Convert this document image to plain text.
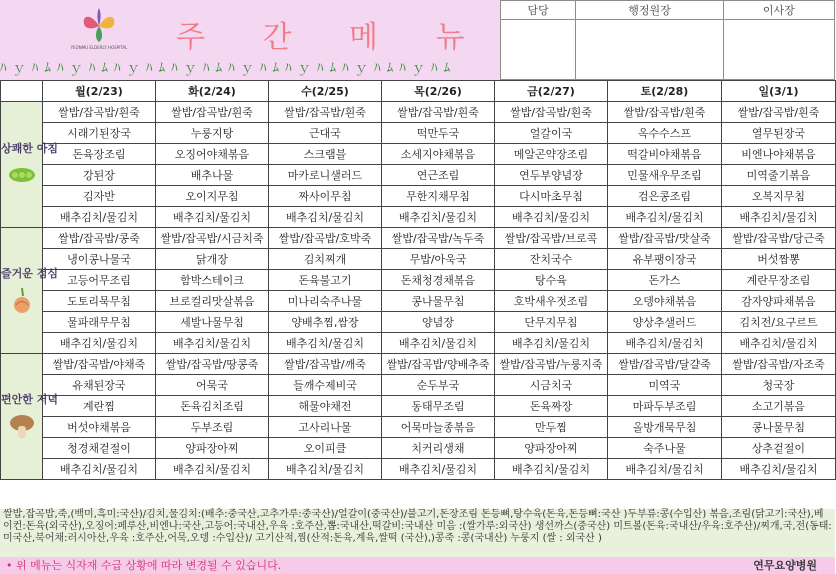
YEONMU ELDERLY HOSPITAL 주 간 메 뉴
ﾊ ｙ ﾊ ﾑ ﾊ ｙ ﾊ ﾑ ﾊ ｙ ﾊ ﾑ ﾊ ｙ ﾊ ﾑ ﾊ ｙ ﾊ ﾑ ﾊ ｙ ﾊ ﾑ ﾊ ｙ ﾊ ﾑ ﾊ ｙ ﾊ ﾑ
담당	행정원장	이사장

	월(2/23)	화(2/24)	수(2/25)	목(2/26)	금(2/27)	토(2/28)	일(3/1)
상쾌한 아침	쌀밥/잡곡밥/흰죽	쌀밥/잡곡밥/흰죽	쌀밥/잡곡밥/흰죽	쌀밥/잡곡밥/흰죽	쌀밥/잡곡밥/흰죽	쌀밥/잡곡밥/흰죽	쌀밥/잡곡밥/흰죽
	시래기된장국	누룽지탕	근대국	떡만두국	얼갈이국	옥수수스프	열무된장국
	돈육장조림	오징어야채볶음	스크램블	소세지야채볶음	메알곤약장조림	떡갈비야채볶음	비엔나야채볶음
	강된장	배추나물	마카로니샐러드	연근조림	연두부양념장	민물새우무조림	미역줄기볶음
	김자반	오이지무침	짜사이무침	무한지채무침	다시마초무침	검은콩조림	오복지무침
	배추김치/물김치	배추김치/물김치	배추김치/물김치	배추김치/물김치	배추김치/물김치	배추김치/물김치	배추김치/물김치
즐거운 점심	쌀밥/잡곡밥/콩죽	쌀밥/잡곡밥/시금치죽	쌀밥/잡곡밥/호박죽	쌀밥/잡곡밥/녹두죽	쌀밥/잡곡밥/브로콕	쌀밥/잡곡밥/맛살죽	쌀밥/잡곡밥/당근죽
	냉이콩나물국	닭개장	김치찌개	무밥/아욱국	잔치국수	유부팽이장국	버섯짬뽕
	고등어무조림	함박스테이크	돈육불고기	돈채청경채볶음	탕수육	돈가스	계란무장조림
	도토리묵무침	브로컬리맛살볶음	미나리숙주나물	콩나물무침	호박새우젓조림	오뎅야채볶음	감자양파채볶음
	물파래무무침	세발나물무침	양배추찜,쌈장	양념장	단무지무침	양상추샐러드	김치전/요구르트
	배추김치/물김치	배추김치/물김치	배추김치/물김치	배추김치/물김치	배추김치/물김치	배추김치/물김치	배추김치/물김치
편안한 저녁	쌀밥/잡곡밥/야채죽	쌀밥/잡곡밥/땅콩죽	쌀밥/잡곡밥/깨죽	쌀밥/잡곡밥/양배추죽	쌀밥/잡곡밥/누룽지죽	쌀밥/잡곡밥/달걀죽	쌀밥/잡곡밥/자조죽
	유채된장국	어묵국	들깨수제비국	순두부국	시금치국	미역국	청국장
	계란찜	돈육김치조림	해물야채전	동태무조림	돈육짜장	마파두부조림	소고기볶음
	버섯야채볶음	두부조림	고사리나물	어묵마늘종볶음	만두찜	올방개묵무침	콩나물무침
	청경채겉절이	양파장아찌	오이피클	치커리생채	양파장아찌	숙주나물	상추겉절이
	배추김치/물김치	배추김치/물김치	배추김치/물김치	배추김치/물김치	배추김치/물김치	배추김치/물김치	배추김치/물김치
쌀밥,잡곡밥,죽,(백미,흑미:국산)/김치,물김치:(배추:중국산,고추가루:중국산)/얼갈이(중국산)/불고기,돈장조림 돈등뼈,탕수육(돈육,돈등뼈:국산 )두부류:콩(수입산) 볶음,조림(닭고기:국산),베이컨:돈육(외국산),오징어:페루산,비엔나:국산,고등어:국내산,우육 :호주산,뽑:국내산,떡갈비:국내산 미음 :(쌀가루:외국산) 생선까스(중국산) 미트볼(돈육:국내산/우육:호주산)/찌개,국,전(동태:미국산,북어채:러시아산,우육 :호주산,어묵,오뎅 :수입산)/ 고기산적,찜(산적:돈육,계육,쌀떡 (국산),)콩죽 :콩(국내산) 누룽지 (쌀 : 외국산 )
• 위 메뉴는 식자재 수급 상황에 따라 변경될 수 있습니다.	연무요양병원
